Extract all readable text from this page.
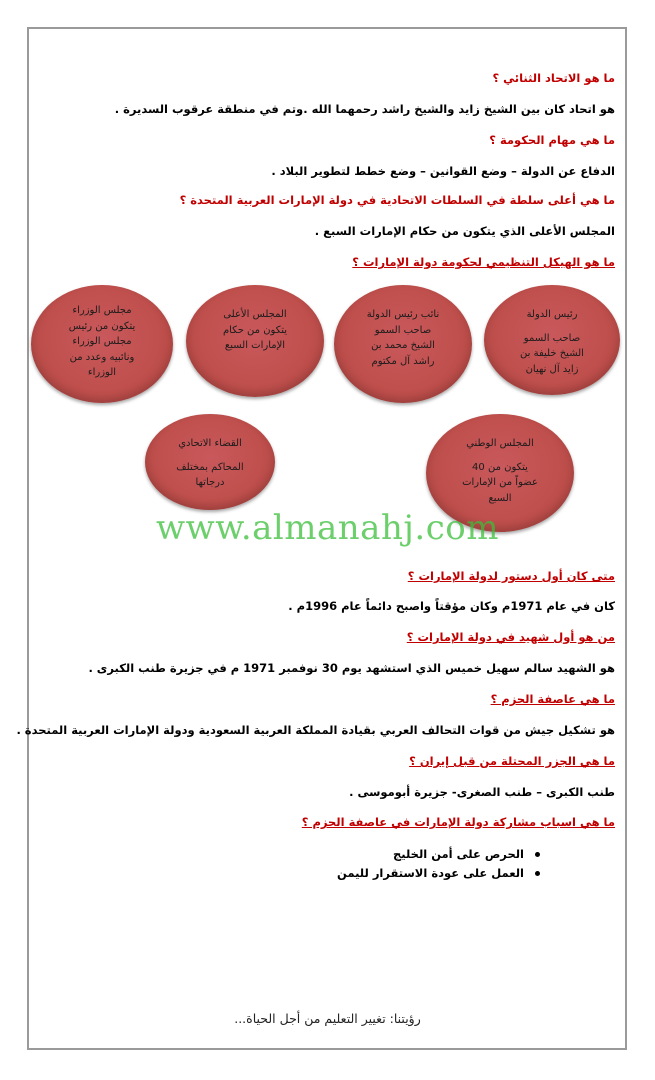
ما هو الاتحاد الثنائي ؟
هو اتحاد كان بين الشيخ زايد والشيخ راشد رحمهما الله .وتم في منطقة عرقوب السديرة .
ما هي مهام الحكومة ؟
الدفاع عن الدولة – وضع القوانين – وضع خطط لتطوير البلاد .
ما هي أعلى سلطة في السلطات الاتحادية في دولة الإمارات العربية المتحدة ؟
المجلس الأعلى الذي يتكون من حكام الإمارات السبع .
ما هو الهيكل التنظيمي لحكومة دولة الإمارات ؟
رئيس الدولة
صاحب السمو
الشيخ خليفة بن
زايد آل نهيان
نائب رئيس الدولة
صاحب السمو
الشيخ محمد بن
راشد آل مكتوم
المجلس الأعلى
يتكون من حكام
الإمارات السبع
مجلس الوزراء
يتكون من رئيس
مجلس الوزراء
ونائبيه وعدد من
الوزراء
المجلس الوطني
يتكون من 40
عضواً من الإمارات
السبع
القضاء الاتحادي
المحاكم بمختلف
درجاتها
www.almanahj.com
متى كان أول دستور لدولة الإمارات ؟
كان في عام 1971م وكان مؤقتاً واصبح دائماً عام 1996م .
من هو أول شهيد في دولة الإمارات ؟
هو الشهيد سالم سهيل خميس الذي استشهد يوم 30 نوفمبر 1971 م في جزيرة طنب الكبرى .
ما هي عاصفة الحزم ؟
هو تشكيل جيش من قوات التحالف العربي بقيادة المملكة العربية السعودية ودولة الإمارات العربية المتحدة .
ما هي الجزر المحتلة من قبل إيران ؟
طنب الكبرى – طنب الصغرى- جزيرة أبوموسى .
ما هي اسباب مشاركة دولة الإمارات في عاصفة الحزم ؟
الحرص على أمن الخليج
العمل على عودة الاستقرار لليمن
رؤيتنا: تغيير التعليم من أجل الحياة...
